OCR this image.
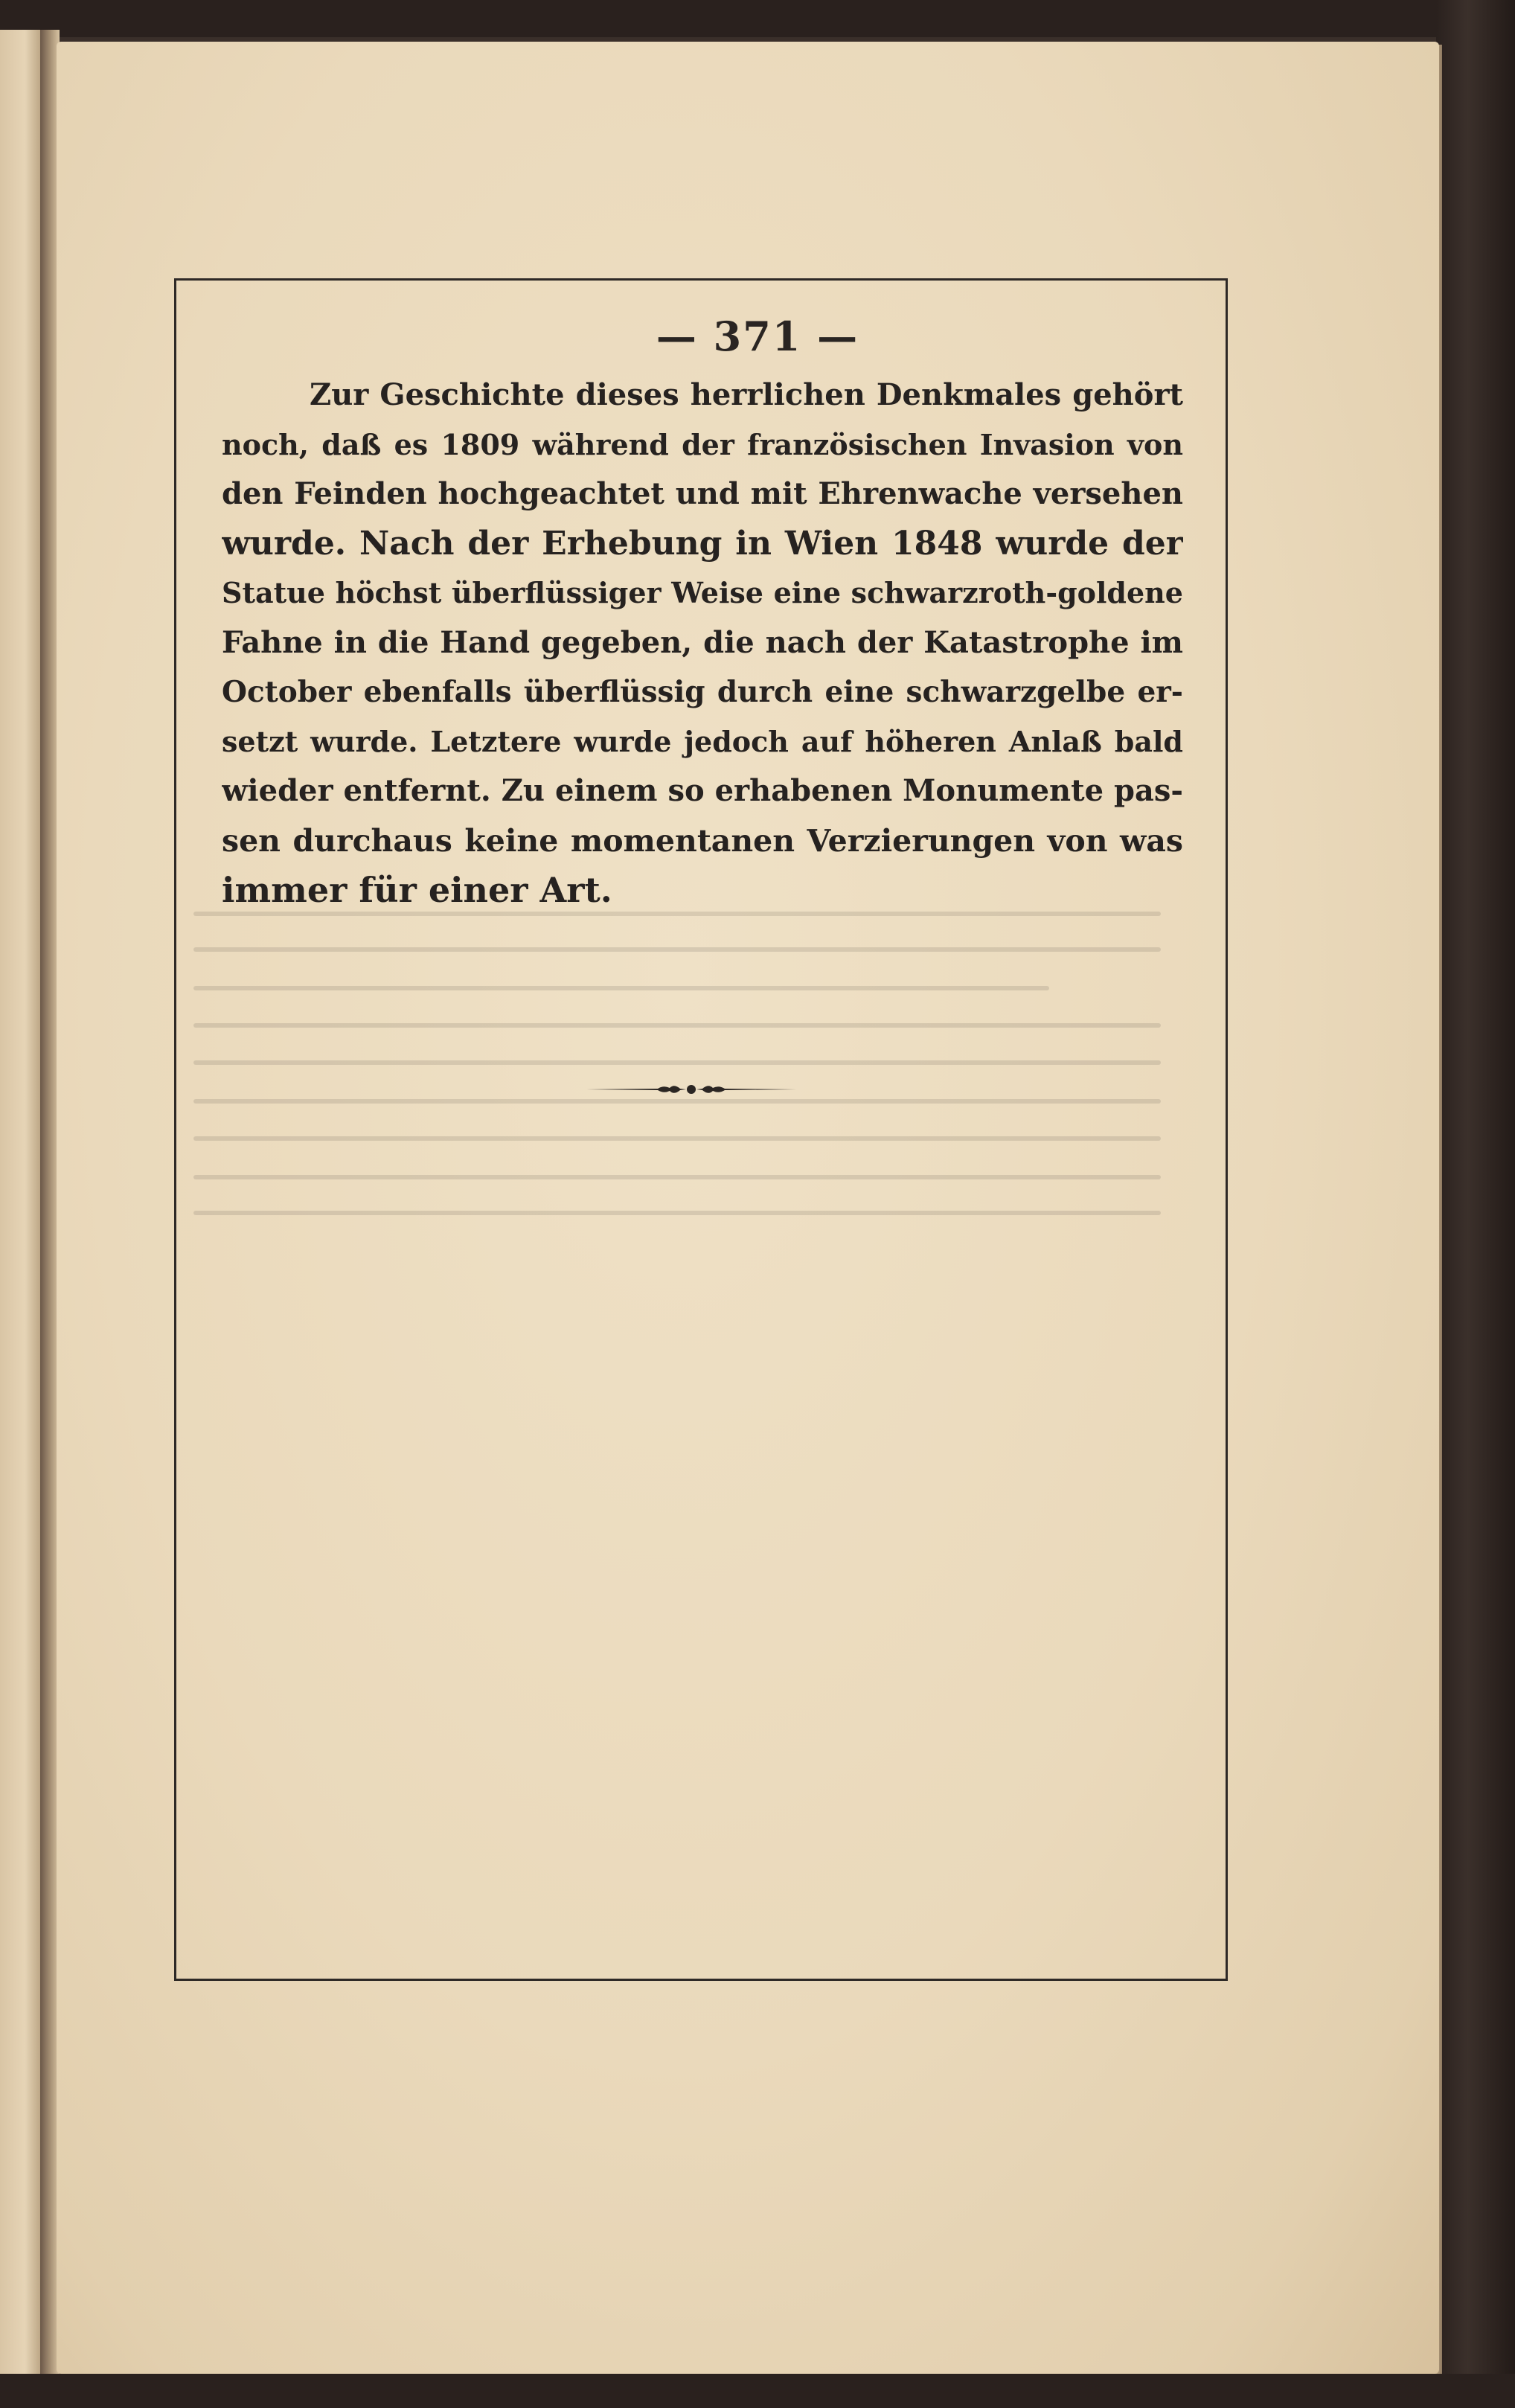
— 371 —
Zur Geschichte dieses herrlichen Denkmales gehört
noch, daß es 1809 während der französischen Invasion von
den Feinden hochgeachtet und mit Ehrenwache versehen
wurde. Nach der Erhebung in Wien 1848 wurde der
Statue höchst überflüssiger Weise eine schwarzroth-goldene
Fahne in die Hand gegeben, die nach der Katastrophe im
October ebenfalls überflüssig durch eine schwarzgelbe er-
setzt wurde. Letztere wurde jedoch auf höheren Anlaß bald
wieder entfernt. Zu einem so erhabenen Monumente pas-
sen durchaus keine momentanen Verzierungen von was
immer für einer Art.
